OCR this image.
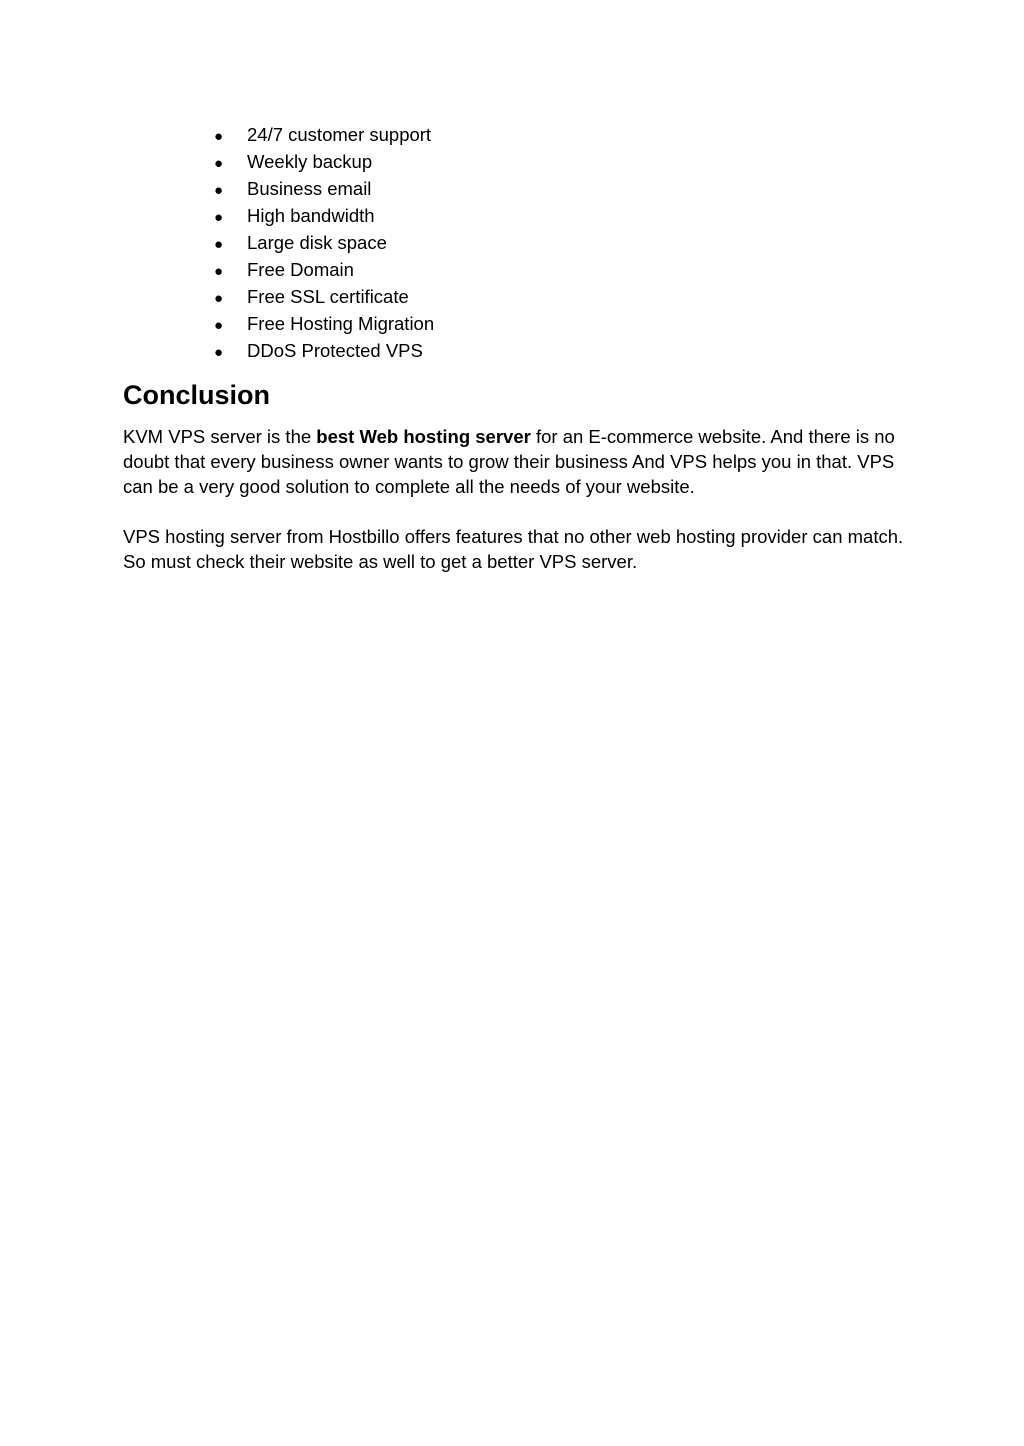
●	24/7 customer support
●	Weekly backup
●	Business email
●	High bandwidth
●	Large disk space
●	Free Domain
●	Free SSL certificate
●	Free Hosting Migration
●	DDoS Protected VPS
Conclusion

KVM VPS server is the best Web hosting server for an E-commerce website. And there is no doubt that every business owner wants to grow their business And VPS helps you in that. VPS can be a very good solution to complete all the needs of your website.

VPS hosting server from Hostbillo offers features that no other web hosting provider can match. So must check their website as well to get a better VPS server.
